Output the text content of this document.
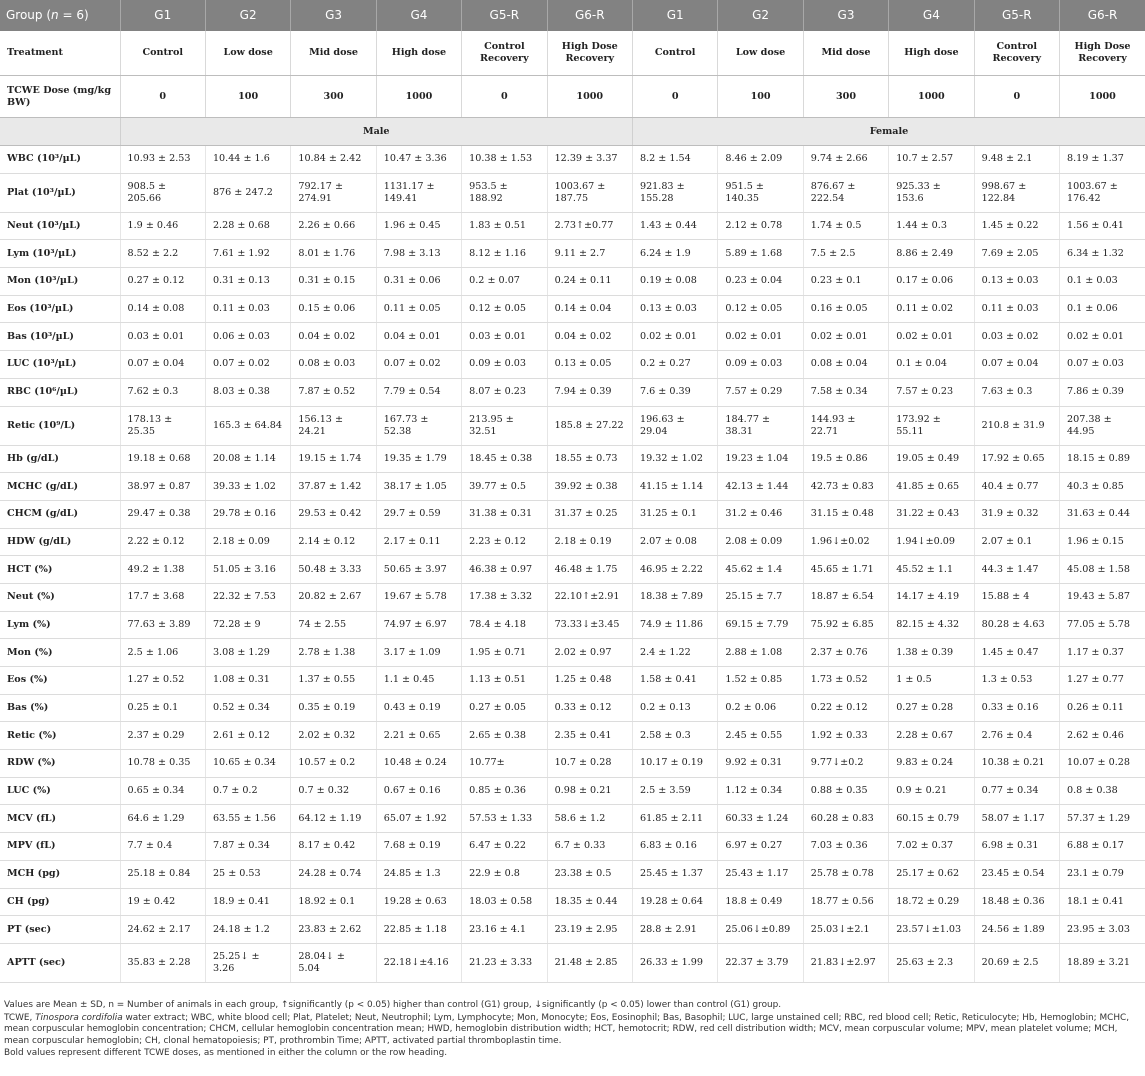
Group (n = 6)	G1	G2	G3	G4	G5-R	G6-R	G1	G2	G3	G4	G5-R	G6-R
Treatment	Control	Low dose	Mid dose	High dose	Control Recovery	High Dose Recovery	Control	Low dose	Mid dose	High dose	Control Recovery	High Dose Recovery
TCWE Dose (mg/kg BW)	0	100	300	1000	0	1000	0	100	300	1000	0	1000
	Male						Female					
WBC (10³/µL)	10.93 ± 2.53	10.44 ± 1.6	10.84 ± 2.42	10.47 ± 3.36	10.38 ± 1.53	12.39 ± 3.37	8.2 ± 1.54	8.46 ± 2.09	9.74 ± 2.66	10.7 ± 2.57	9.48 ± 2.1	8.19 ± 1.37
Plat (10³/µL)	908.5 ± 205.66	876 ± 247.2	792.17 ± 274.91	1131.17 ± 149.41	953.5 ± 188.92	1003.67 ± 187.75	921.83 ± 155.28	951.5 ± 140.35	876.67 ± 222.54	925.33 ± 153.6	998.67 ± 122.84	1003.67 ± 176.42
Neut (10³/µL)	1.9 ± 0.46	2.28 ± 0.68	2.26 ± 0.66	1.96 ± 0.45	1.83 ± 0.51	2.73↑±0.77	1.43 ± 0.44	2.12 ± 0.78	1.74 ± 0.5	1.44 ± 0.3	1.45 ± 0.22	1.56 ± 0.41
Lym (10³/µL)	8.52 ± 2.2	7.61 ± 1.92	8.01 ± 1.76	7.98 ± 3.13	8.12 ± 1.16	9.11 ± 2.7	6.24 ± 1.9	5.89 ± 1.68	7.5 ± 2.5	8.86 ± 2.49	7.69 ± 2.05	6.34 ± 1.32
Mon (10³/µL)	0.27 ± 0.12	0.31 ± 0.13	0.31 ± 0.15	0.31 ± 0.06	0.2 ± 0.07	0.24 ± 0.11	0.19 ± 0.08	0.23 ± 0.04	0.23 ± 0.1	0.17 ± 0.06	0.13 ± 0.03	0.1 ± 0.03
Eos (10³/µL)	0.14 ± 0.08	0.11 ± 0.03	0.15 ± 0.06	0.11 ± 0.05	0.12 ± 0.05	0.14 ± 0.04	0.13 ± 0.03	0.12 ± 0.05	0.16 ± 0.05	0.11 ± 0.02	0.11 ± 0.03	0.1 ± 0.06
Bas (10³/µL)	0.03 ± 0.01	0.06 ± 0.03	0.04 ± 0.02	0.04 ± 0.01	0.03 ± 0.01	0.04 ± 0.02	0.02 ± 0.01	0.02 ± 0.01	0.02 ± 0.01	0.02 ± 0.01	0.03 ± 0.02	0.02 ± 0.01
LUC (10³/µL)	0.07 ± 0.04	0.07 ± 0.02	0.08 ± 0.03	0.07 ± 0.02	0.09 ± 0.03	0.13 ± 0.05	0.2 ± 0.27	0.09 ± 0.03	0.08 ± 0.04	0.1 ± 0.04	0.07 ± 0.04	0.07 ± 0.03
RBC (10⁶/µL)	7.62 ± 0.3	8.03 ± 0.38	7.87 ± 0.52	7.79 ± 0.54	8.07 ± 0.23	7.94 ± 0.39	7.6 ± 0.39	7.57 ± 0.29	7.58 ± 0.34	7.57 ± 0.23	7.63 ± 0.3	7.86 ± 0.39
Retic (10⁹/L)	178.13 ± 25.35	165.3 ± 64.84	156.13 ± 24.21	167.73 ± 52.38	213.95 ± 32.51	185.8 ± 27.22	196.63 ± 29.04	184.77 ± 38.31	144.93 ± 22.71	173.92 ± 55.11	210.8 ± 31.9	207.38 ± 44.95
Hb (g/dL)	19.18 ± 0.68	20.08 ± 1.14	19.15 ± 1.74	19.35 ± 1.79	18.45 ± 0.38	18.55 ± 0.73	19.32 ± 1.02	19.23 ± 1.04	19.5 ± 0.86	19.05 ± 0.49	17.92 ± 0.65	18.15 ± 0.89
MCHC (g/dL)	38.97 ± 0.87	39.33 ± 1.02	37.87 ± 1.42	38.17 ± 1.05	39.77 ± 0.5	39.92 ± 0.38	41.15 ± 1.14	42.13 ± 1.44	42.73 ± 0.83	41.85 ± 0.65	40.4 ± 0.77	40.3 ± 0.85
CHCM (g/dL)	29.47 ± 0.38	29.78 ± 0.16	29.53 ± 0.42	29.7 ± 0.59	31.38 ± 0.31	31.37 ± 0.25	31.25 ± 0.1	31.2 ± 0.46	31.15 ± 0.48	31.22 ± 0.43	31.9 ± 0.32	31.63 ± 0.44
HDW (g/dL)	2.22 ± 0.12	2.18 ± 0.09	2.14 ± 0.12	2.17 ± 0.11	2.23 ± 0.12	2.18 ± 0.19	2.07 ± 0.08	2.08 ± 0.09	1.96↓±0.02	1.94↓±0.09	2.07 ± 0.1	1.96 ± 0.15
HCT (%)	49.2 ± 1.38	51.05 ± 3.16	50.48 ± 3.33	50.65 ± 3.97	46.38 ± 0.97	46.48 ± 1.75	46.95 ± 2.22	45.62 ± 1.4	45.65 ± 1.71	45.52 ± 1.1	44.3 ± 1.47	45.08 ± 1.58
Neut (%)	17.7 ± 3.68	22.32 ± 7.53	20.82 ± 2.67	19.67 ± 5.78	17.38 ± 3.32	22.10↑±2.91	18.38 ± 7.89	25.15 ± 7.7	18.87 ± 6.54	14.17 ± 4.19	15.88 ± 4	19.43 ± 5.87
Lym (%)	77.63 ± 3.89	72.28 ± 9	74 ± 2.55	74.97 ± 6.97	78.4 ± 4.18	73.33↓±3.45	74.9 ± 11.86	69.15 ± 7.79	75.92 ± 6.85	82.15 ± 4.32	80.28 ± 4.63	77.05 ± 5.78
Mon (%)	2.5 ± 1.06	3.08 ± 1.29	2.78 ± 1.38	3.17 ± 1.09	1.95 ± 0.71	2.02 ± 0.97	2.4 ± 1.22	2.88 ± 1.08	2.37 ± 0.76	1.38 ± 0.39	1.45 ± 0.47	1.17 ± 0.37
Eos (%)	1.27 ± 0.52	1.08 ± 0.31	1.37 ± 0.55	1.1 ± 0.45	1.13 ± 0.51	1.25 ± 0.48	1.58 ± 0.41	1.52 ± 0.85	1.73 ± 0.52	1 ± 0.5	1.3 ± 0.53	1.27 ± 0.77
Bas (%)	0.25 ± 0.1	0.52 ± 0.34	0.35 ± 0.19	0.43 ± 0.19	0.27 ± 0.05	0.33 ± 0.12	0.2 ± 0.13	0.2 ± 0.06	0.22 ± 0.12	0.27 ± 0.28	0.33 ± 0.16	0.26 ± 0.11
Retic (%)	2.37 ± 0.29	2.61 ± 0.12	2.02 ± 0.32	2.21 ± 0.65	2.65 ± 0.38	2.35 ± 0.41	2.58 ± 0.3	2.45 ± 0.55	1.92 ± 0.33	2.28 ± 0.67	2.76 ± 0.4	2.62 ± 0.46
RDW (%)	10.78 ± 0.35	10.65 ± 0.34	10.57 ± 0.2	10.48 ± 0.24	10.77±	10.7 ± 0.28	10.17 ± 0.19	9.92 ± 0.31	9.77↓±0.2	9.83 ± 0.24	10.38 ± 0.21	10.07 ± 0.28
LUC (%)	0.65 ± 0.34	0.7 ± 0.2	0.7 ± 0.32	0.67 ± 0.16	0.85 ± 0.36	0.98 ± 0.21	2.5 ± 3.59	1.12 ± 0.34	0.88 ± 0.35	0.9 ± 0.21	0.77 ± 0.34	0.8 ± 0.38
MCV (fL)	64.6 ± 1.29	63.55 ± 1.56	64.12 ± 1.19	65.07 ± 1.92	57.53 ± 1.33	58.6 ± 1.2	61.85 ± 2.11	60.33 ± 1.24	60.28 ± 0.83	60.15 ± 0.79	58.07 ± 1.17	57.37 ± 1.29
MPV (fL)	7.7 ± 0.4	7.87 ± 0.34	8.17 ± 0.42	7.68 ± 0.19	6.47 ± 0.22	6.7 ± 0.33	6.83 ± 0.16	6.97 ± 0.27	7.03 ± 0.36	7.02 ± 0.37	6.98 ± 0.31	6.88 ± 0.17
MCH (pg)	25.18 ± 0.84	25 ± 0.53	24.28 ± 0.74	24.85 ± 1.3	22.9 ± 0.8	23.38 ± 0.5	25.45 ± 1.37	25.43 ± 1.17	25.78 ± 0.78	25.17 ± 0.62	23.45 ± 0.54	23.1 ± 0.79
CH (pg)	19 ± 0.42	18.9 ± 0.41	18.92 ± 0.1	19.28 ± 0.63	18.03 ± 0.58	18.35 ± 0.44	19.28 ± 0.64	18.8 ± 0.49	18.77 ± 0.56	18.72 ± 0.29	18.48 ± 0.36	18.1 ± 0.41
PT (sec)	24.62 ± 2.17	24.18 ± 1.2	23.83 ± 2.62	22.85 ± 1.18	23.16 ± 4.1	23.19 ± 2.95	28.8 ± 2.91	25.06↓±0.89	25.03↓±2.1	23.57↓±1.03	24.56 ± 1.89	23.95 ± 3.03
APTT (sec)	35.83 ± 2.28	25.25↓ ± 3.26	28.04↓ ± 5.04	22.18↓±4.16	21.23 ± 3.33	21.48 ± 2.85	26.33 ± 1.99	22.37 ± 3.79	21.83↓±2.97	25.63 ± 2.3	20.69 ± 2.5	18.89 ± 3.21

Values are Mean ± SD, n = Number of animals in each group, ↑significantly (p < 0.05) higher than control (G1) group, ↓significantly (p < 0.05) lower than control (G1) group.

TCWE, Tinospora cordifolia water extract; WBC, white blood cell; Plat, Platelet; Neut, Neutrophil; Lym, Lymphocyte; Mon, Monocyte; Eos, Eosinophil; Bas, Basophil; LUC, large unstained cell; RBC, red blood cell; Retic, Reticulocyte; Hb, Hemoglobin; MCHC, mean corpuscular hemoglobin concentration; CHCM, cellular hemoglobin concentration mean; HWD, hemoglobin distribution width; HCT, hemotocrit; RDW, red cell distribution width; MCV, mean corpuscular volume; MPV, mean platelet volume; MCH, mean corpuscular hemoglobin; CH, clonal hematopoiesis; PT, prothrombin Time; APTT, activated partial thromboplastin time.

Bold values represent different TCWE doses, as mentioned in either the column or the row heading.
